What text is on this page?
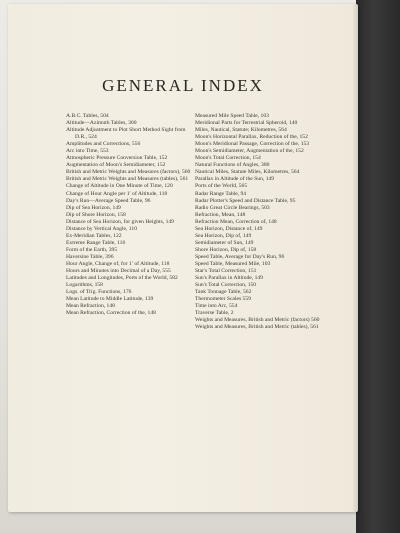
GENERAL INDEX
A.B.C. Tables, 504
Altitude—Azimuth Tables, 300
Altitude Adjustment to Plot Short Method Sight from D.R., 524
Amplitudes and Corrections, 556
Arc into Time, 553
Atmospheric Pressure Conversion Table, 152
Augmentation of Moon's Semidiameter, 152
British and Metric Weights and Measures (factors), 560
British and Metric Weights and Measures (tables), 561
Change of Altitude in One Minute of Time, 120
Change of Hour Angle per 1′ of Altitude, 118
Day's Run—Average Speed Table, 96
Dip of Sea Horizon, 149
Dip of Shore Horizon, 158
Distance of Sea Horizon, for given Heights, 149
Distance by Vertical Angle, 110
Ex-Meridian Tables, 122
Extreme Range Table, 116
Form of the Earth, 395
Haversine Table, 396
Hour Angle, Change of, for 1′ of Altitude, 118
Hours and Minutes into Decimal of a Day, 555
Latitudes and Longitudes, Ports of the World, 582
Logarithms, 158
Logs. of Trig. Functions, 176
Mean Latitude to Middle Latitude, 139
Mean Refraction, 148
Mean Refraction, Correction of the, 148
Measured Mile Speed Table, 103
Meridional Parts for Terrestrial Spheroid, 140
Miles, Nautical, Statute; Kilometres, 564
Moon's Horizontal Parallax, Reduction of the, 152
Moon's Meridional Passage, Correction of the, 153
Moon's Semidiameter, Augmentation of the, 152
Moon's Total Correction, 154
Natural Functions of Angles, 380
Nautical Miles, Statute Miles, Kilometres, 564
Parallax in Altitude of the Sun, 149
Ports of the World, 565
Radar Range Table, 94
Radar Plotter's Speed and Distance Table, 95
Radio Great Circle Bearings, 503
Refraction, Mean, 148
Refraction Mean, Correction of, 148
Sea Horizon, Distance of, 149
Sea Horizon, Dip of, 149
Semidiameter of Sun, 149
Shore Horizon, Dip of, 158
Speed Table, Average for Day's Run, 96
Speed Table, Measured Mile, 103
Star's Total Correction, 151
Sun's Parallax in Altitude, 149
Sun's Total Correction, 150
Tank Tonnage Table, 562
Thermometer Scales 559
Time into Arc, 554
Traverse Table, 2
Weights and Measures, British and Metric (factors) 560
Weights and Measures, British and Metric (tables), 561
